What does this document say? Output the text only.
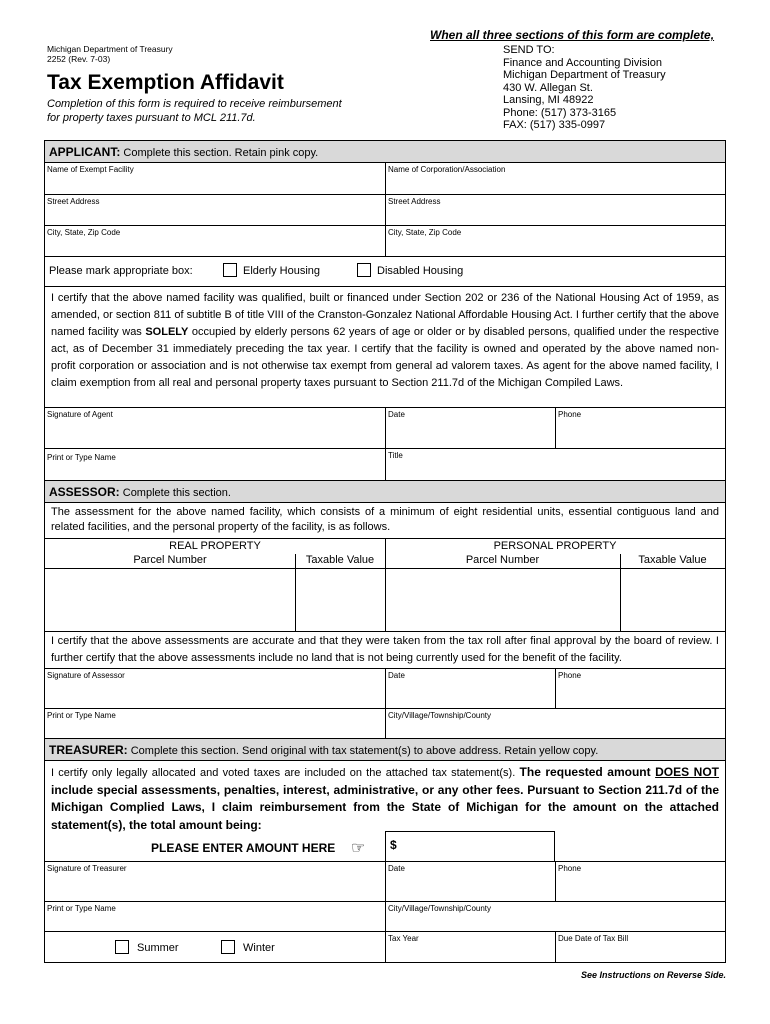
Michigan Department of Treasury
2252 (Rev. 7-03)
Tax Exemption Affidavit
Completion of this form is required to receive reimbursement for property taxes pursuant to MCL 211.7d.
When all three sections of this form are complete,
SEND TO:
Finance and Accounting Division
Michigan Department of Treasury
430 W. Allegan St.
Lansing, MI 48922
Phone: (517) 373-3165
FAX: (517) 335-0997
APPLICANT: Complete this section. Retain pink copy.
Name of Exempt Facility	Name of Corporation/Association
Street Address	Street Address
City, State, Zip Code	City, State, Zip Code
Please mark appropriate box:	Elderly Housing	Disabled Housing
I certify that the above named facility was qualified, built or financed under Section 202 or 236 of the National Housing Act of 1959, as amended, or section 811 of subtitle B of title VIII of the Cranston-Gonzalez National Affordable Housing Act. I further certify that the above named facility was SOLELY occupied by elderly persons 62 years of age or older or by disabled persons, qualified under the respective act, as of December 31 immediately preceding the tax year. I certify that the facility is owned and operated by the above named non-profit corporation or association and is not otherwise tax exempt from general ad valorem taxes. As agent for the above named facility, I claim exemption from all real and personal property taxes pursuant to Section 211.7d of the Michigan Compiled Laws.
Signature of Agent	Date	Phone
Print or Type Name	Title
ASSESSOR: Complete this section.
The assessment for the above named facility, which consists of a minimum of eight residential units, essential contiguous land and related facilities, and the personal property of the facility, is as follows.
REAL PROPERTY	PERSONAL PROPERTY
Parcel Number	Taxable Value	Parcel Number	Taxable Value
I certify that the above assessments are accurate and that they were taken from the tax roll after final approval by the board of review. I further certify that the above assessments include no land that is not being currently used for the benefit of the facility.
Signature of Assessor	Date	Phone
Print or Type Name	City/Village/Township/County
TREASURER: Complete this section. Send original with tax statement(s) to above address. Retain yellow copy.
I certify only legally allocated and voted taxes are included on the attached tax statement(s). The requested amount DOES NOT include special assessments, penalties, interest, administrative, or any other fees. Pursuant to Section 211.7d of the Michigan Complied Laws, I claim reimbursement from the State of Michigan for the amount on the attached statement(s), the total amount being:
PLEASE ENTER AMOUNT HERE ☞	$
Signature of Treasurer	Date	Phone
Print or Type Name	City/Village/Township/County
Summer	Winter
Tax Year	Due Date of Tax Bill
See Instructions on Reverse Side.
